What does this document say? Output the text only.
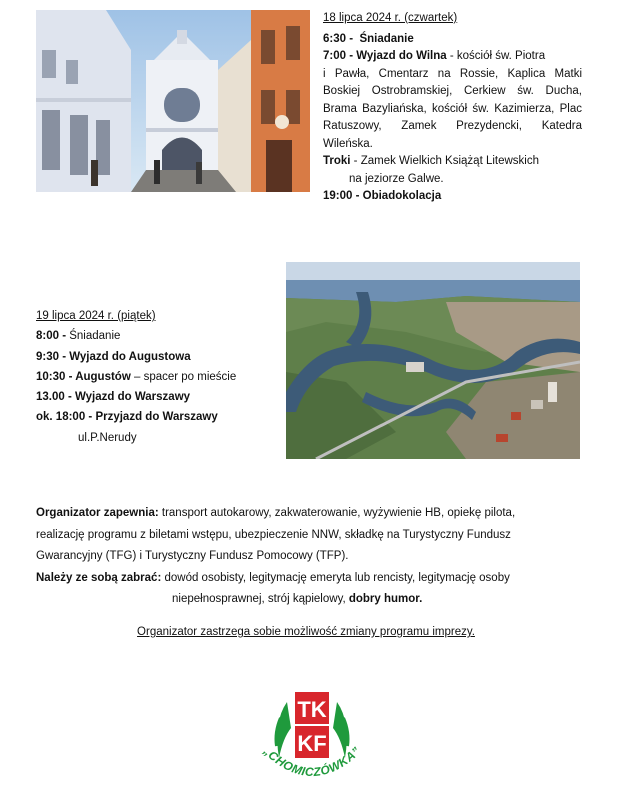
18 lipca 2024 r. (czwartek)
6:30 - Śniadanie
7:00 - Wyjazd do Wilna - kościół św. Piotra
i Pawła, Cmentarz na Rossie, Kaplica Matki
Boskiej Ostrobramskiej, Cerkiew św. Ducha,
Brama Bazyliańska, kościół św. Kazimierza, Plac
Ratuszowy, Zamek Prezydencki, Katedra
Wileńska.
Troki - Zamek Wielkich Książąt Litewskich
na jeziorze Galwe.
19:00 - Obiadokolacja
19 lipca 2024 r. (piątek)
8:00 - Śniadanie
9:30 - Wyjazd do Augustowa
10:30 - Augustów – spacer po mieście
13.00 - Wyjazd do Warszawy
ok. 18:00 - Przyjazd do Warszawy
ul.P.Nerudy
Organizator zapewnia: transport autokarowy, zakwaterowanie, wyżywienie HB, opiekę pilota,
realizację programu z biletami wstępu, ubezpieczenie NNW, składkę na Turystyczny Fundusz
Gwarancyjny (TFG) i Turystyczny Fundusz Pomocowy (TFP).
Należy ze sobą zabrać: dowód osobisty, legitymację emeryta lub rencisty, legitymację osoby
niepełnosprawnej, strój kąpielowy, dobry humor.
Organizator zastrzega sobie możliwość zmiany programu imprezy.
TK
KF
„CHOMICZÓWKA”
